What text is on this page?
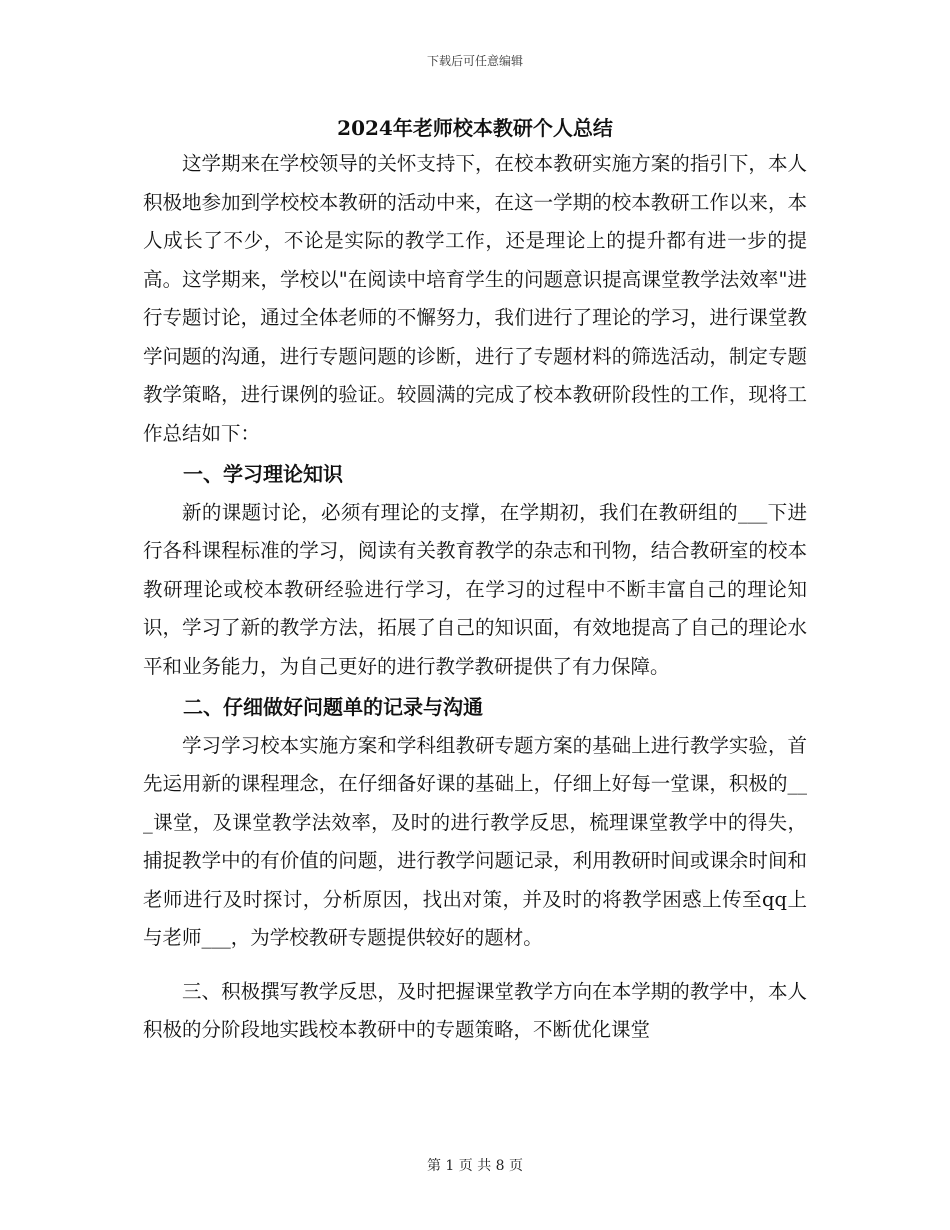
下载后可任意编辑
2024年老师校本教研个人总结

这学期来在学校领导的关怀支持下，在校本教研实施方案的指引下，本人积极地参加到学校校本教研的活动中来，在这一学期的校本教研工作以来，本人成长了不少，不论是实际的教学工作，还是理论上的提升都有进一步的提高。这学期来，学校以"在阅读中培育学生的问题意识提高课堂教学法效率"进行专题讨论，通过全体老师的不懈努力，我们进行了理论的学习，进行课堂教学问题的沟通，进行专题问题的诊断，进行了专题材料的筛选活动，制定专题教学策略，进行课例的验证。较圆满的完成了校本教研阶段性的工作，现将工作总结如下：

一、学习理论知识

新的课题讨论，必须有理论的支撑，在学期初，我们在教研组的___下进行各科课程标准的学习，阅读有关教育教学的杂志和刊物，结合教研室的校本教研理论或校本教研经验进行学习，在学习的过程中不断丰富自己的理论知识，学习了新的教学方法，拓展了自己的知识面，有效地提高了自己的理论水平和业务能力，为自己更好的进行教学教研提供了有力保障。

二、仔细做好问题单的记录与沟通

学习学习校本实施方案和学科组教研专题方案的基础上进行教学实验，首先运用新的课程理念，在仔细备好课的基础上，仔细上好每一堂课，积极的___课堂，及课堂教学法效率，及时的进行教学反思，梳理课堂教学中的得失，捕捉教学中的有价值的问题，进行教学问题记录，利用教研时间或课余时间和老师进行及时探讨，分析原因，找出对策，并及时的将教学困惑上传至qq上与老师___，为学校教研专题提供较好的题材。

三、积极撰写教学反思，及时把握课堂教学方向在本学期的教学中，本人积极的分阶段地实践校本教研中的专题策略，不断优化课堂

第 1 页 共 8 页
